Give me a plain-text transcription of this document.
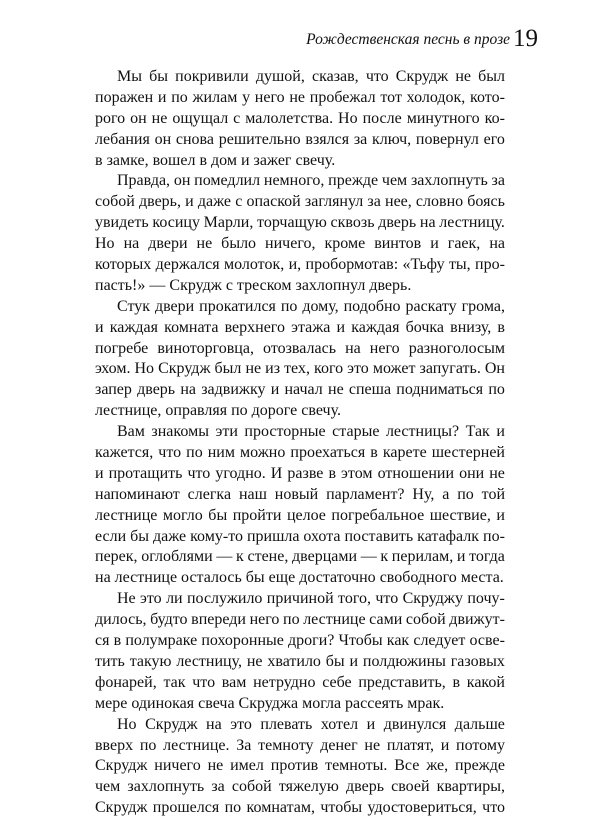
Рождественская песнь в прозе 19
Мы бы покривили душой, сказав, что Скрудж не был
поражен и по жилам у него не пробежал тот холодок, кото-
рого он не ощущал с малолетства. Но после минутного ко-
лебания он снова решительно взялся за ключ, повернул его
в
замке,
вошел
в
дом
и
зажег
свечу.
Правда, он помедлил немного, прежде чем захлопнуть за
собой дверь, и даже с опаской заглянул за нее, словно боясь
увидеть косицу Марли, торчащую сквозь дверь на лестницу.
Но на двери не было ничего, кроме винтов и гаек, на
которых держался молоток, и, пробормотав: «Тьфу ты, про-
пасть!»
—
Скрудж
с
треском
захлопнул
дверь.
Стук двери прокатился по дому, подобно раскату грома,
и каждая комната верхнего этажа и каждая бочка внизу, в
погребе виноторговца, отозвалась на него разноголосым
эхом. Но Скрудж был не из тех, кого это может запугать. Он
запер дверь на задвижку и начал не спеша подниматься по
лестнице,
оправляя
по
дороге
свечу.
Вам знакомы эти просторные старые лестницы? Так и
кажется, что по ним можно проехаться в карете шестерней
и протащить что угодно. И разве в этом отношении они не
напоминают слегка наш новый парламент? Ну, а по той
лестнице могло бы пройти целое погребальное шествие, и
если бы даже кому-то пришла охота поставить катафалк по-
перек, оглоблями — к стене, дверцами — к перилам, и тогда
на
лестнице
осталось
бы
еще
достаточно
свободного
места.
Не это ли послужило причиной того, что Скруджу почу-
дилось, будто впереди него по лестнице сами собой движут-
ся в полумраке похоронные дроги? Чтобы как следует осве-
тить такую лестницу, не хватило бы и полдюжины газовых
фонарей, так что вам нетрудно себе представить, в какой
мере
одинокая
свеча
Скруджа
могла
рассеять
мрак.
Но Скрудж на это плевать хотел и двинулся дальше
вверх по лестнице. За темноту денег не платят, и потому
Скрудж ничего не имел против темноты. Все же, прежде
чем захлопнуть за собой тяжелую дверь своей квартиры,
Скрудж прошелся по комнатам, чтобы удостовериться, что
